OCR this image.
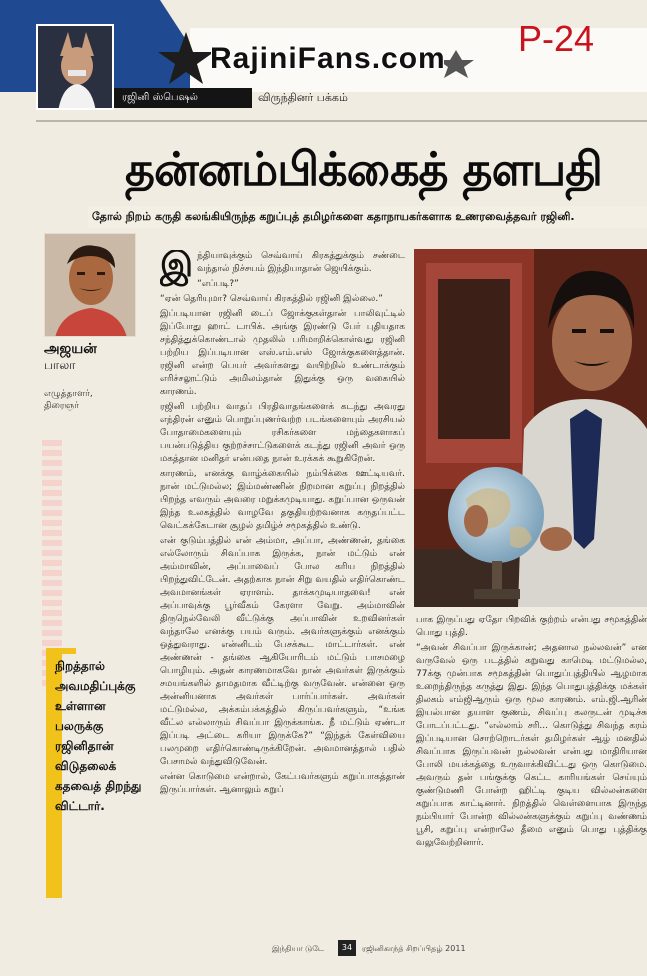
ரஜினி ஸ்பெஷல்	விருந்தினர் பக்கம்
RajiniFans.com P-24
தன்னம்பிக்கைத் தளபதி
தோல் நிறம் கருதி கலங்கியிருந்த கறுப்புத் தமிழர்களை கதாநாயகர்களாக உணரவைத்தவர் ரஜினி.
அஜயன்
பாலா
எழுத்தாளர்,
திரைஞர்
நிறத்தால் அவமதிப்புக்கு உள்ளான பலருக்கு ரஜினிதான் விடுதலைக் கதவைத் திறந்து விட்டார்.

இந்தியாவுக்கும் செவ்வாய் கிரகத்துக்கும் சண்டை வந்தால் நிச்சயம் இந்தியாதான் ஜெயிக்கும்.

“எப்படி?”

“ஏன் தெரியுமா? செவ்வாய் கிரகத்தில் ரஜினி இல்லை.”

இப்படியான ரஜினி டைப் ஜோக்குகள்தான் பாலிவுட்டில் இப்போது ஹாட் டாபிக். அங்கு இரண்டு பேர் புதியதாக சந்தித்துக்கொண்டால் முதலில் பரிமாறிக்கொள்வது ரஜினி பற்றிய இப்படியான எஸ்.எம்.எஸ் ஜோக்குகளைத்தான். ரஜினி என்ற பெயர் அவர்களது வயிற்றில் உண்டாக்கும் எரிச்சலூட்டும் அமிலம்தான் இதுக்கு ஒரு வகையில் காரணம்.

ரஜினி பற்றிய வாதப் பிரதிவாதங்களைக் கடந்து அவரது எந்திரன் எனும் பொறுப்புணர்வற்ற படங்களையும் அரசியல் போதாமைகளையும் ரசிகர்களை மந்தைகளாகப் பயன்படுத்திய குற்றச்சாட்டுகளைக் கடந்து ரஜினி அவர் ஒரு மகத்தான மனிதர் என்பதை நான் உரக்கக் கூறுகிறேன்.

காரணம், எனக்கு வாழ்க்கையில் நம்பிக்கை ஊட்டியவர். நான் மட்டுமல்ல; இம்மண்ணின் நிறமான கறுப்பு நிறத்தில் பிறந்த எவரும் அவரை மறுக்கமுடியாது. கறுப்பான ஒருவன் இந்த உலகத்தில் வாழவே தகுதியற்றவனாக கருதப்பட்ட வெட்கக்கேடான சூழல் தமிழ்ச் சமூகத்தில் உண்டு.

என் குடும்பத்தில் என் அம்மா, அப்பா, அண்ணன், தங்கை எல்லோரும் சிவப்பாக இருக்க, நான் மட்டும் என் அம்மாவின், அப்பாவைப் போல கரிய நிறத்தில் பிறந்துவிட்டேன். அதற்காக நான் சிறு வயதில் எதிர்கொண்ட அவமானங்கள் ஏராளம். தாக்கமுடியாதவை! என் அப்பாவுக்கு பூர்வீகம் கேரளா வேறு. அம்மாவின் திருநெல்வேலி வீட்டுக்கு அப்பாவின் உறவினர்கள் வந்தாலே எனக்கு பயம் வரும். அவர்களுக்கும் எனக்கும் ஒத்துவராது. என்னிடம் பேசக்கூட மாட்டார்கள். என் அண்ணன் - தங்கை ஆகியோரிடம் மட்டும் பாசமழை பொழியும். அதன் காரணமாகவே நான் அவர்கள் இருக்கும் சமயங்களில் தாமதமாக வீட்டிற்கு வருவேன். என்னை ஒரு அன்னியனாக அவர்கள் பார்ப்பார்கள். அவர்கள் மட்டுமல்ல, அக்கம்பக்கத்தில் கிருப்பவர்களும், “உங்க வீட்ல எல்லாரும் சிவப்பா இருக்காங்க. நீ மட்டும் ஏண்டா இப்படி அட்டை கரியா இருக்கே?” “இந்தக் கேள்வியை பலமுறை எதிர்கொண்டிருக்கிறேன். அவமானத்தால் பதில் பேசாமல் வந்துவிடுவேன்.

என்ன கொடுமை என்றால், கேட்பவர்களும் கறுப்பாகத்தான் இருப்பார்கள். ஆனாலும் கறுப்

பாக இருப்பது ஏதோ பிறவிக் குற்றம் என்பது சமூகத்தின் பொது புத்தி.

“அவன் சிவப்பா இருக்கான்; அதனால நல்லவன்” என வருவேல் ஒரு படத்தில் கறுவது காமெடி மட்டுமல்ல, 77க்கு முன்பாக சமூகத்தின் பொதுப்புத்தியில் ஆழமாக உறைந்திருந்த கருத்து இது. இந்த பொதுபுத்திக்கு மக்கள் திலகம் எம்ஜிஆரும் ஒரு மூல காரணம். எம்.ஜி.ஆரின் இயல்பான தயாள குணம், சிவப்பு கலருடன் முடிச்சு போடப்பட்டது. “எல்லாம் சரி... கொடுத்து சிவந்த கரம் இப்படியான சொற்றொடர்கள் தமிழர்கள் ஆழ் மனதில் சிவப்பாக இருப்பவன் நல்லவன் என்பது மாதிரியான போலி மயக்கத்தை உருவாக்கிவிட்டது ஒரு கொடுமை. அவரும் தன் பங்குக்கு கெட்ட காரியங்கள் செய்யும் குண்டுமணி போன்ற ஹிட்டி குடிய வில்லன்களை கறுப்பாக காட்டினார். நிறத்தில் வெள்ளையாக இருந்த நம்பியார் போன்ற வில்லன்களுக்கும் கறுப்பு வண்ணம் பூசி, கறுப்பு என்றாலே தீமை எனும் பொது புத்திக்கு வலுவேற்றினார்.

இந்தியா டுடே	34	ரஜினிகாந்த் சிறப்பிதழ் 2011
